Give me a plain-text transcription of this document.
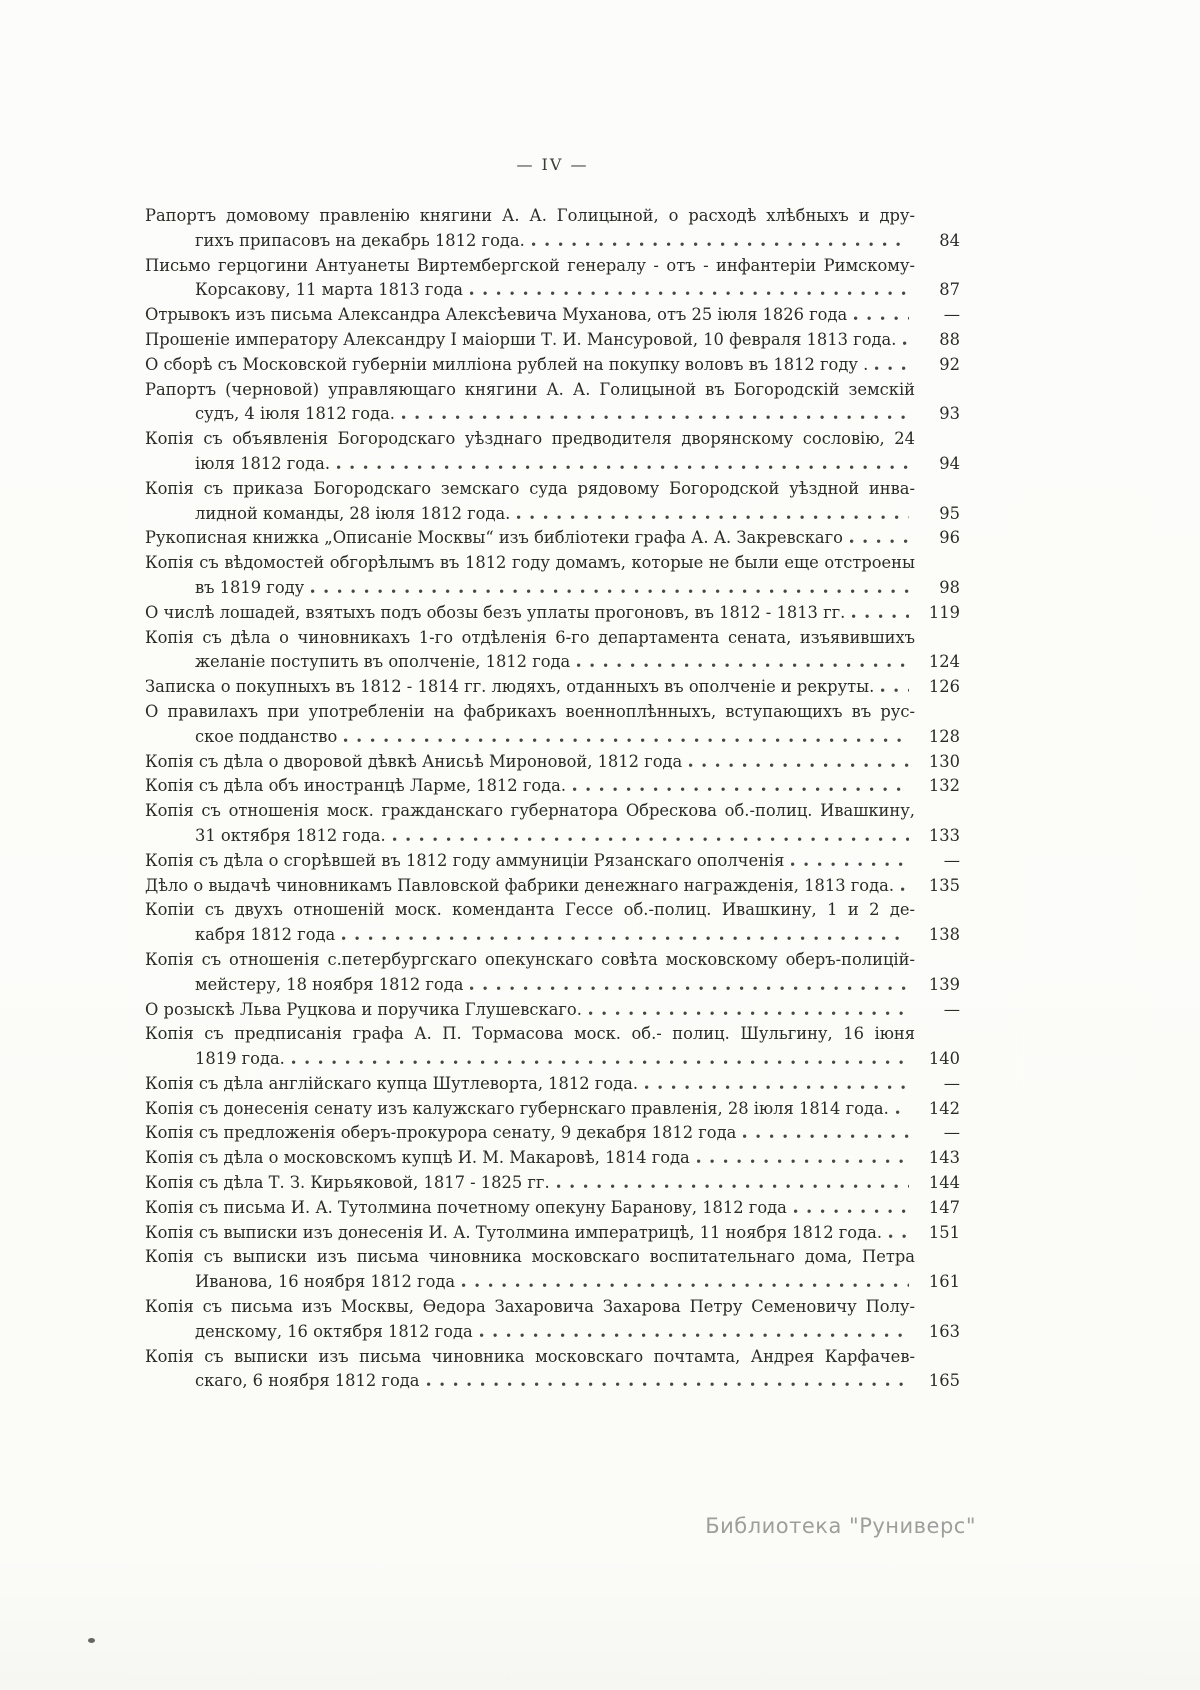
— IV —
Рапортъ домовому правленію княгини А. А. Голицыной, о расходѣ хлѣбныхъ и дру-
гихъ припасовъ на декабрь 1812 года.	84
Письмо герцогини Антуанеты Виртембергской генералу - отъ - инфантеріи Римскому-
Корсакову, 11 марта 1813 года	87
Отрывокъ изъ письма Александра Алексѣевича Муханова, отъ 25 іюля 1826 года	—
Прошеніе императору Александру I маіорши Т. И. Мансуровой, 10 февраля 1813 года.	88
О сборѣ съ Московской губерніи милліона рублей на покупку воловъ въ 1812 году .	92
Рапортъ (черновой) управляющаго княгини А. А. Голицыной въ Богородскій земскій
судъ, 4 іюля 1812 года.	93
Копія съ объявленія Богородскаго уѣзднаго предводителя дворянскому сословію, 24
іюля 1812 года.	94
Копія съ приказа Богородскаго земскаго суда рядовому Богородской уѣздной инва-
лидной команды, 28 іюля 1812 года.	95
Рукописная книжка „Описаніе Москвы“ изъ библіотеки графа А. А. Закревскаго	96
Копія съ вѣдомостей обгорѣлымъ въ 1812 году домамъ, которые не были еще отстроены
въ 1819 году	98
О числѣ лошадей, взятыхъ подъ обозы безъ уплаты прогоновъ, въ 1812 - 1813 гг.	119
Копія съ дѣла о чиновникахъ 1-го отдѣленія 6-го департамента сената, изъявившихъ
желаніе поступить въ ополченіе, 1812 года	124
Записка о покупныхъ въ 1812 - 1814 гг. людяхъ, отданныхъ въ ополченіе и рекруты.	126
О правилахъ при употребленіи на фабрикахъ военноплѣнныхъ, вступающихъ въ рус-
ское подданство	128
Копія съ дѣла о дворовой дѣвкѣ Анисьѣ Мироновой, 1812 года	130
Копія съ дѣла объ иностранцѣ Ларме, 1812 года.	132
Копія съ отношенія моск. гражданскаго губернатора Обрескова об.-полиц. Ивашкину,
31 октября 1812 года.	133
Копія съ дѣла о сгорѣвшей въ 1812 году аммуниціи Рязанскаго ополченія	—
Дѣло о выдачѣ чиновникамъ Павловской фабрики денежнаго награжденія, 1813 года.	135
Копіи съ двухъ отношеній моск. коменданта Гессе об.-полиц. Ивашкину, 1 и 2 де-
кабря 1812 года	138
Копія съ отношенія с.петербургскаго опекунскаго совѣта московскому оберъ-полицій-
мейстеру, 18 ноября 1812 года	139
О розыскѣ Льва Руцкова и поручика Глушевскаго.	—
Копія съ предписанія графа А. П. Тормасова моск. об.- полиц. Шульгину, 16 іюня
1819 года.	140
Копія съ дѣла англійскаго купца Шутлеворта, 1812 года.	—
Копія съ донесенія сенату изъ калужскаго губернскаго правленія, 28 іюля 1814 года.	142
Копія съ предложенія оберъ-прокурора сенату, 9 декабря 1812 года	—
Копія съ дѣла о московскомъ купцѣ И. М. Макаровѣ, 1814 года	143
Копія съ дѣла Т. З. Кирьяковой, 1817 - 1825 гг.	144
Копія съ письма И. А. Тутолмина почетному опекуну Баранову, 1812 года	147
Копія съ выписки изъ донесенія И. А. Тутолмина императрицѣ, 11 ноября 1812 года.	151
Копія съ выписки изъ письма чиновника московскаго воспитательнаго дома, Петра
Иванова, 16 ноября 1812 года	161
Копія съ письма изъ Москвы, Ѳедора Захаровича Захарова Петру Семеновичу Полу-
денскому, 16 октября 1812 года	163
Копія съ выписки изъ письма чиновника московскаго почтамта, Андрея Карфачев-
скаго, 6 ноября 1812 года	165
Библиотека "Руниверс"
